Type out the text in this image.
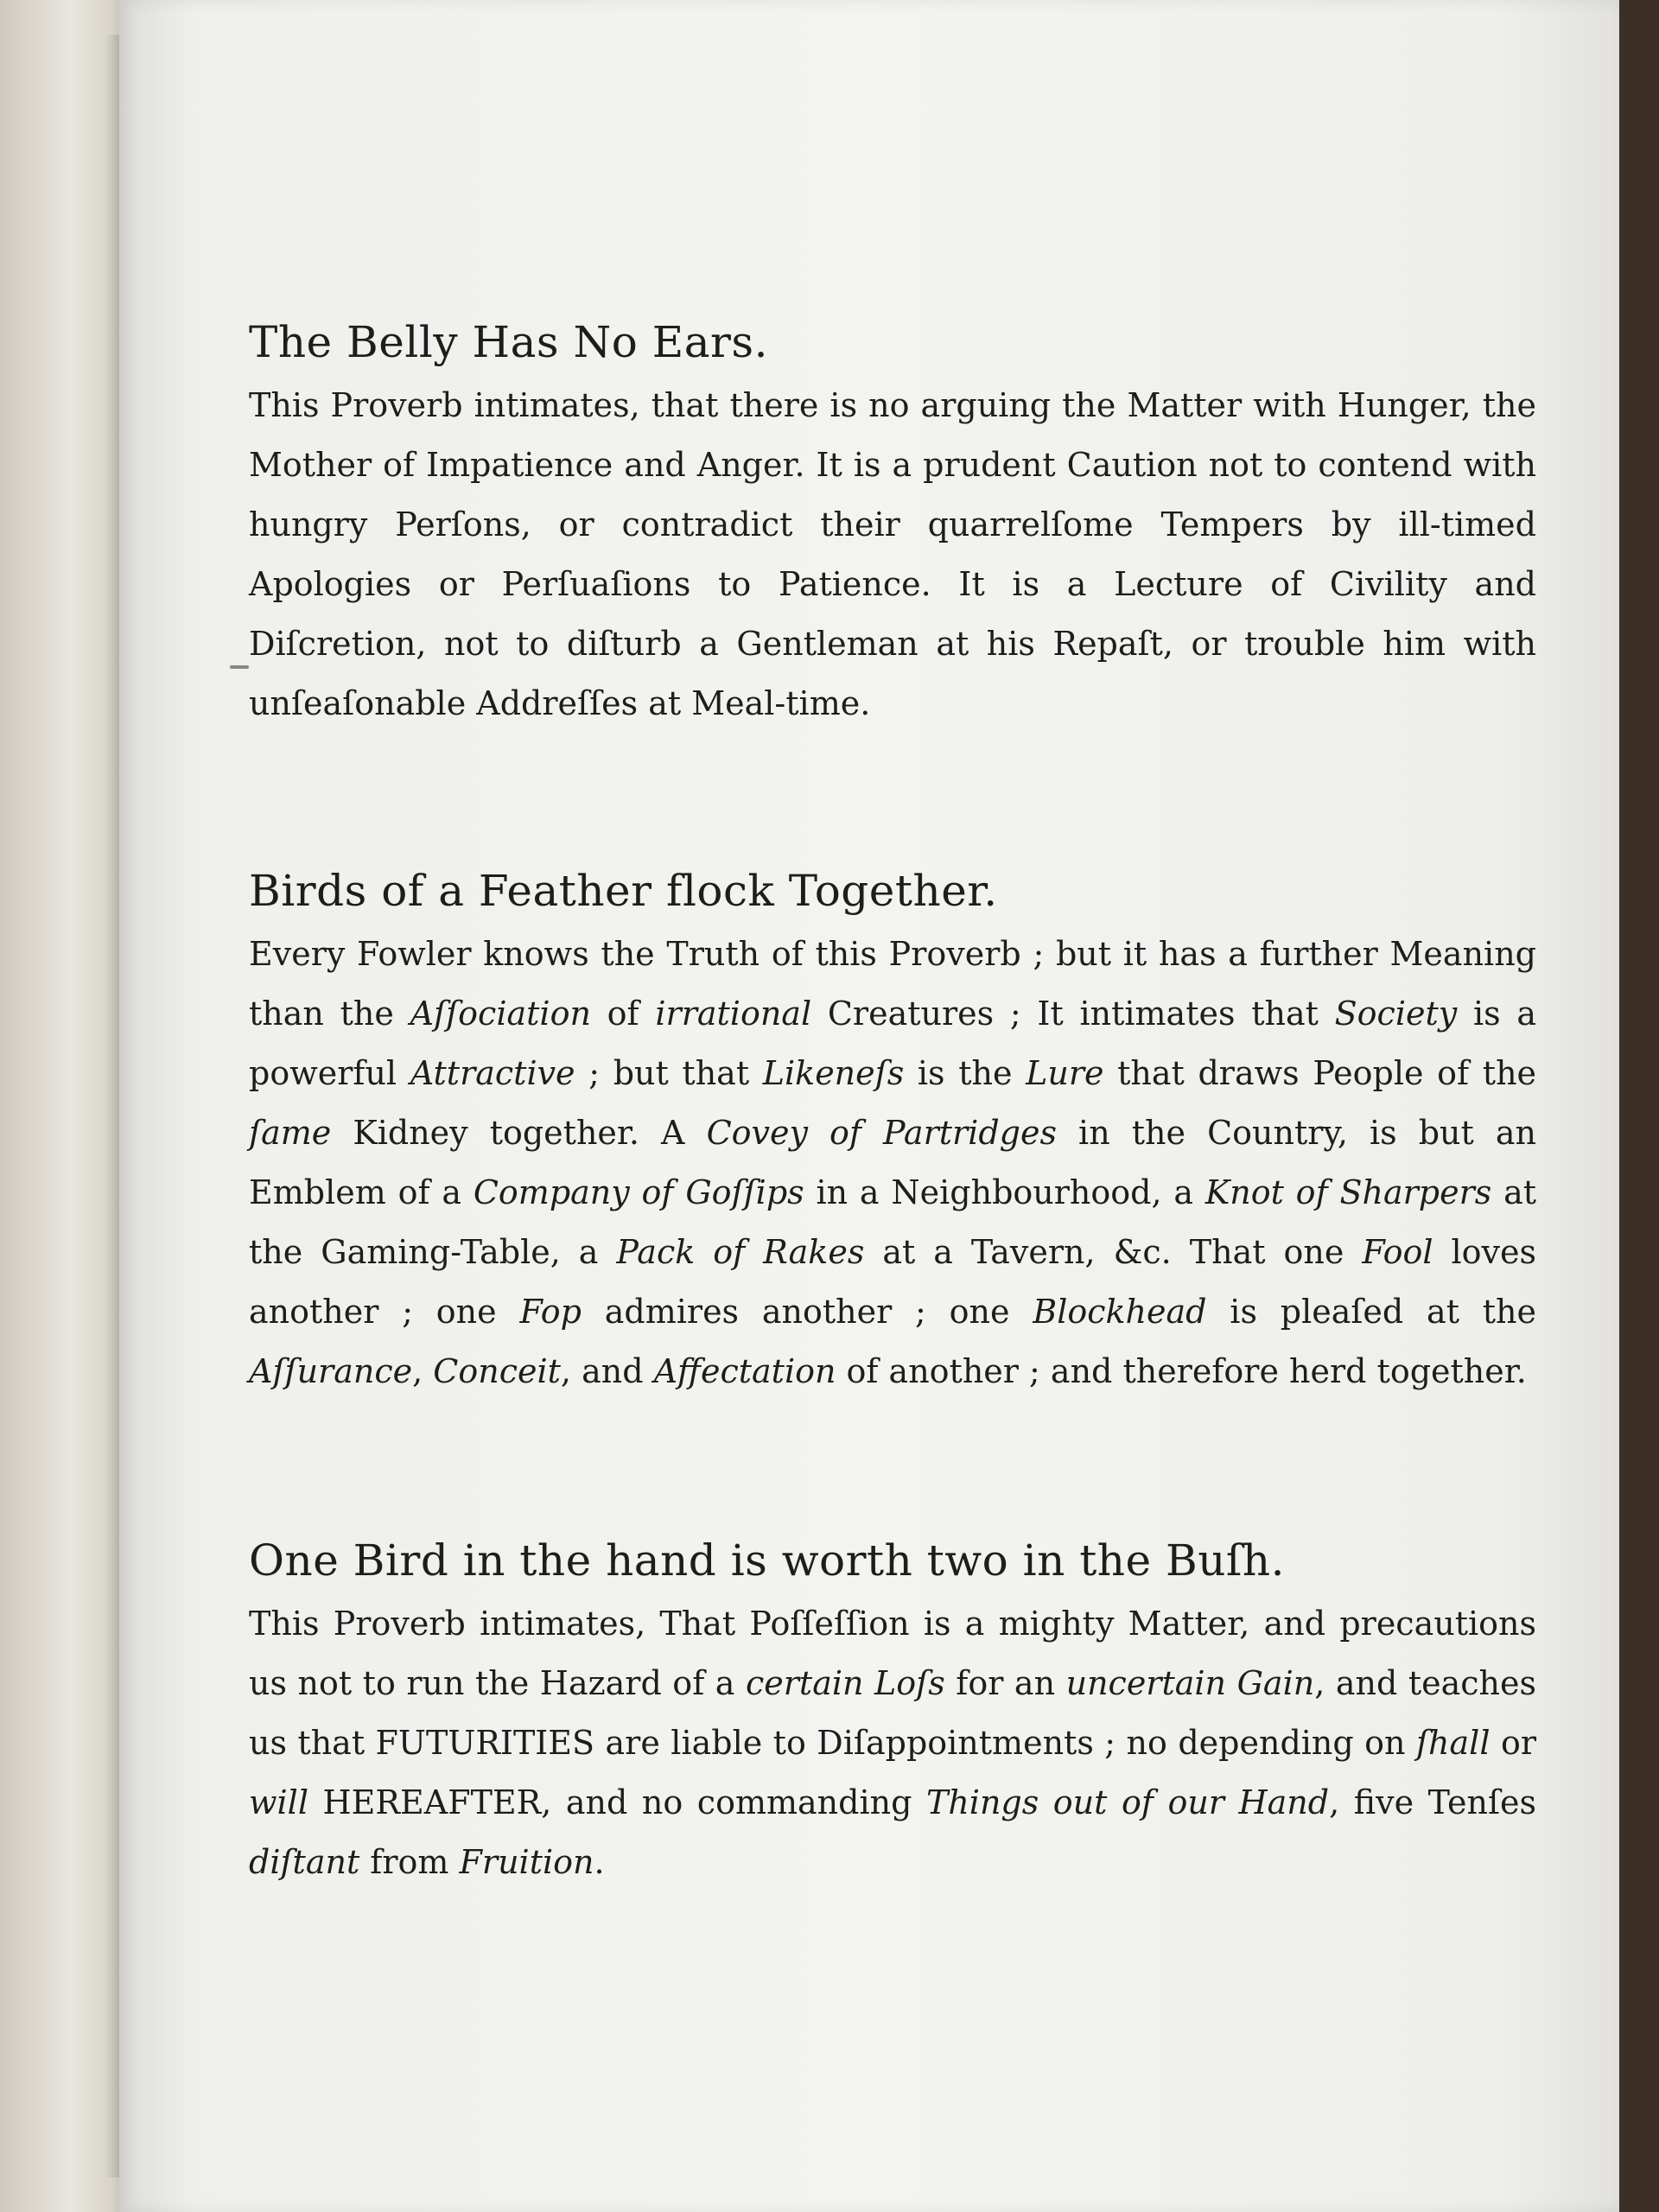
The Belly Has No Ears.

This Proverb intimates, that there is no arguing the Matter with Hunger, the Mother of Impatience and Anger. It is a prudent Caution not to contend with hungry Perſons, or contradict their quarrelſome Tempers by ill-timed Apologies or Perſuaſions to Patience. It is a Lecture of Civility and Diſcretion, not to diſturb a Gentleman at his Repaſt, or trouble him with unſeaſonable Addreſſes at Meal-time.

Birds of a Feather flock Together.

Every Fowler knows the Truth of this Proverb ; but it has a further Meaning than the Aſſociation of irrational Creatures ; It intimates that Society is a powerful Attractive ; but that Likeneſs is the Lure that draws People of the ſame Kidney together. A Covey of Partridges in the Country, is but an Emblem of a Company of Goſſips in a Neighbourhood, a Knot of Sharpers at the Gaming-Table, a Pack of Rakes at a Tavern, &c. That one Fool loves another ; one Fop admires another ; one Blockhead is pleaſed at the Aſſurance, Conceit, and Affectation of another ; and therefore herd together.

One Bird in the hand is worth two in the Buſh.

This Proverb intimates, That Poſſeſſion is a mighty Matter, and precautions us not to run the Hazard of a certain Loſs for an uncertain Gain, and teaches us that FUTURITIES are liable to Diſappointments ; no depending on ſhall or will HEREAFTER, and no commanding Things out of our Hand, five Tenſes diſtant from Fruition.
